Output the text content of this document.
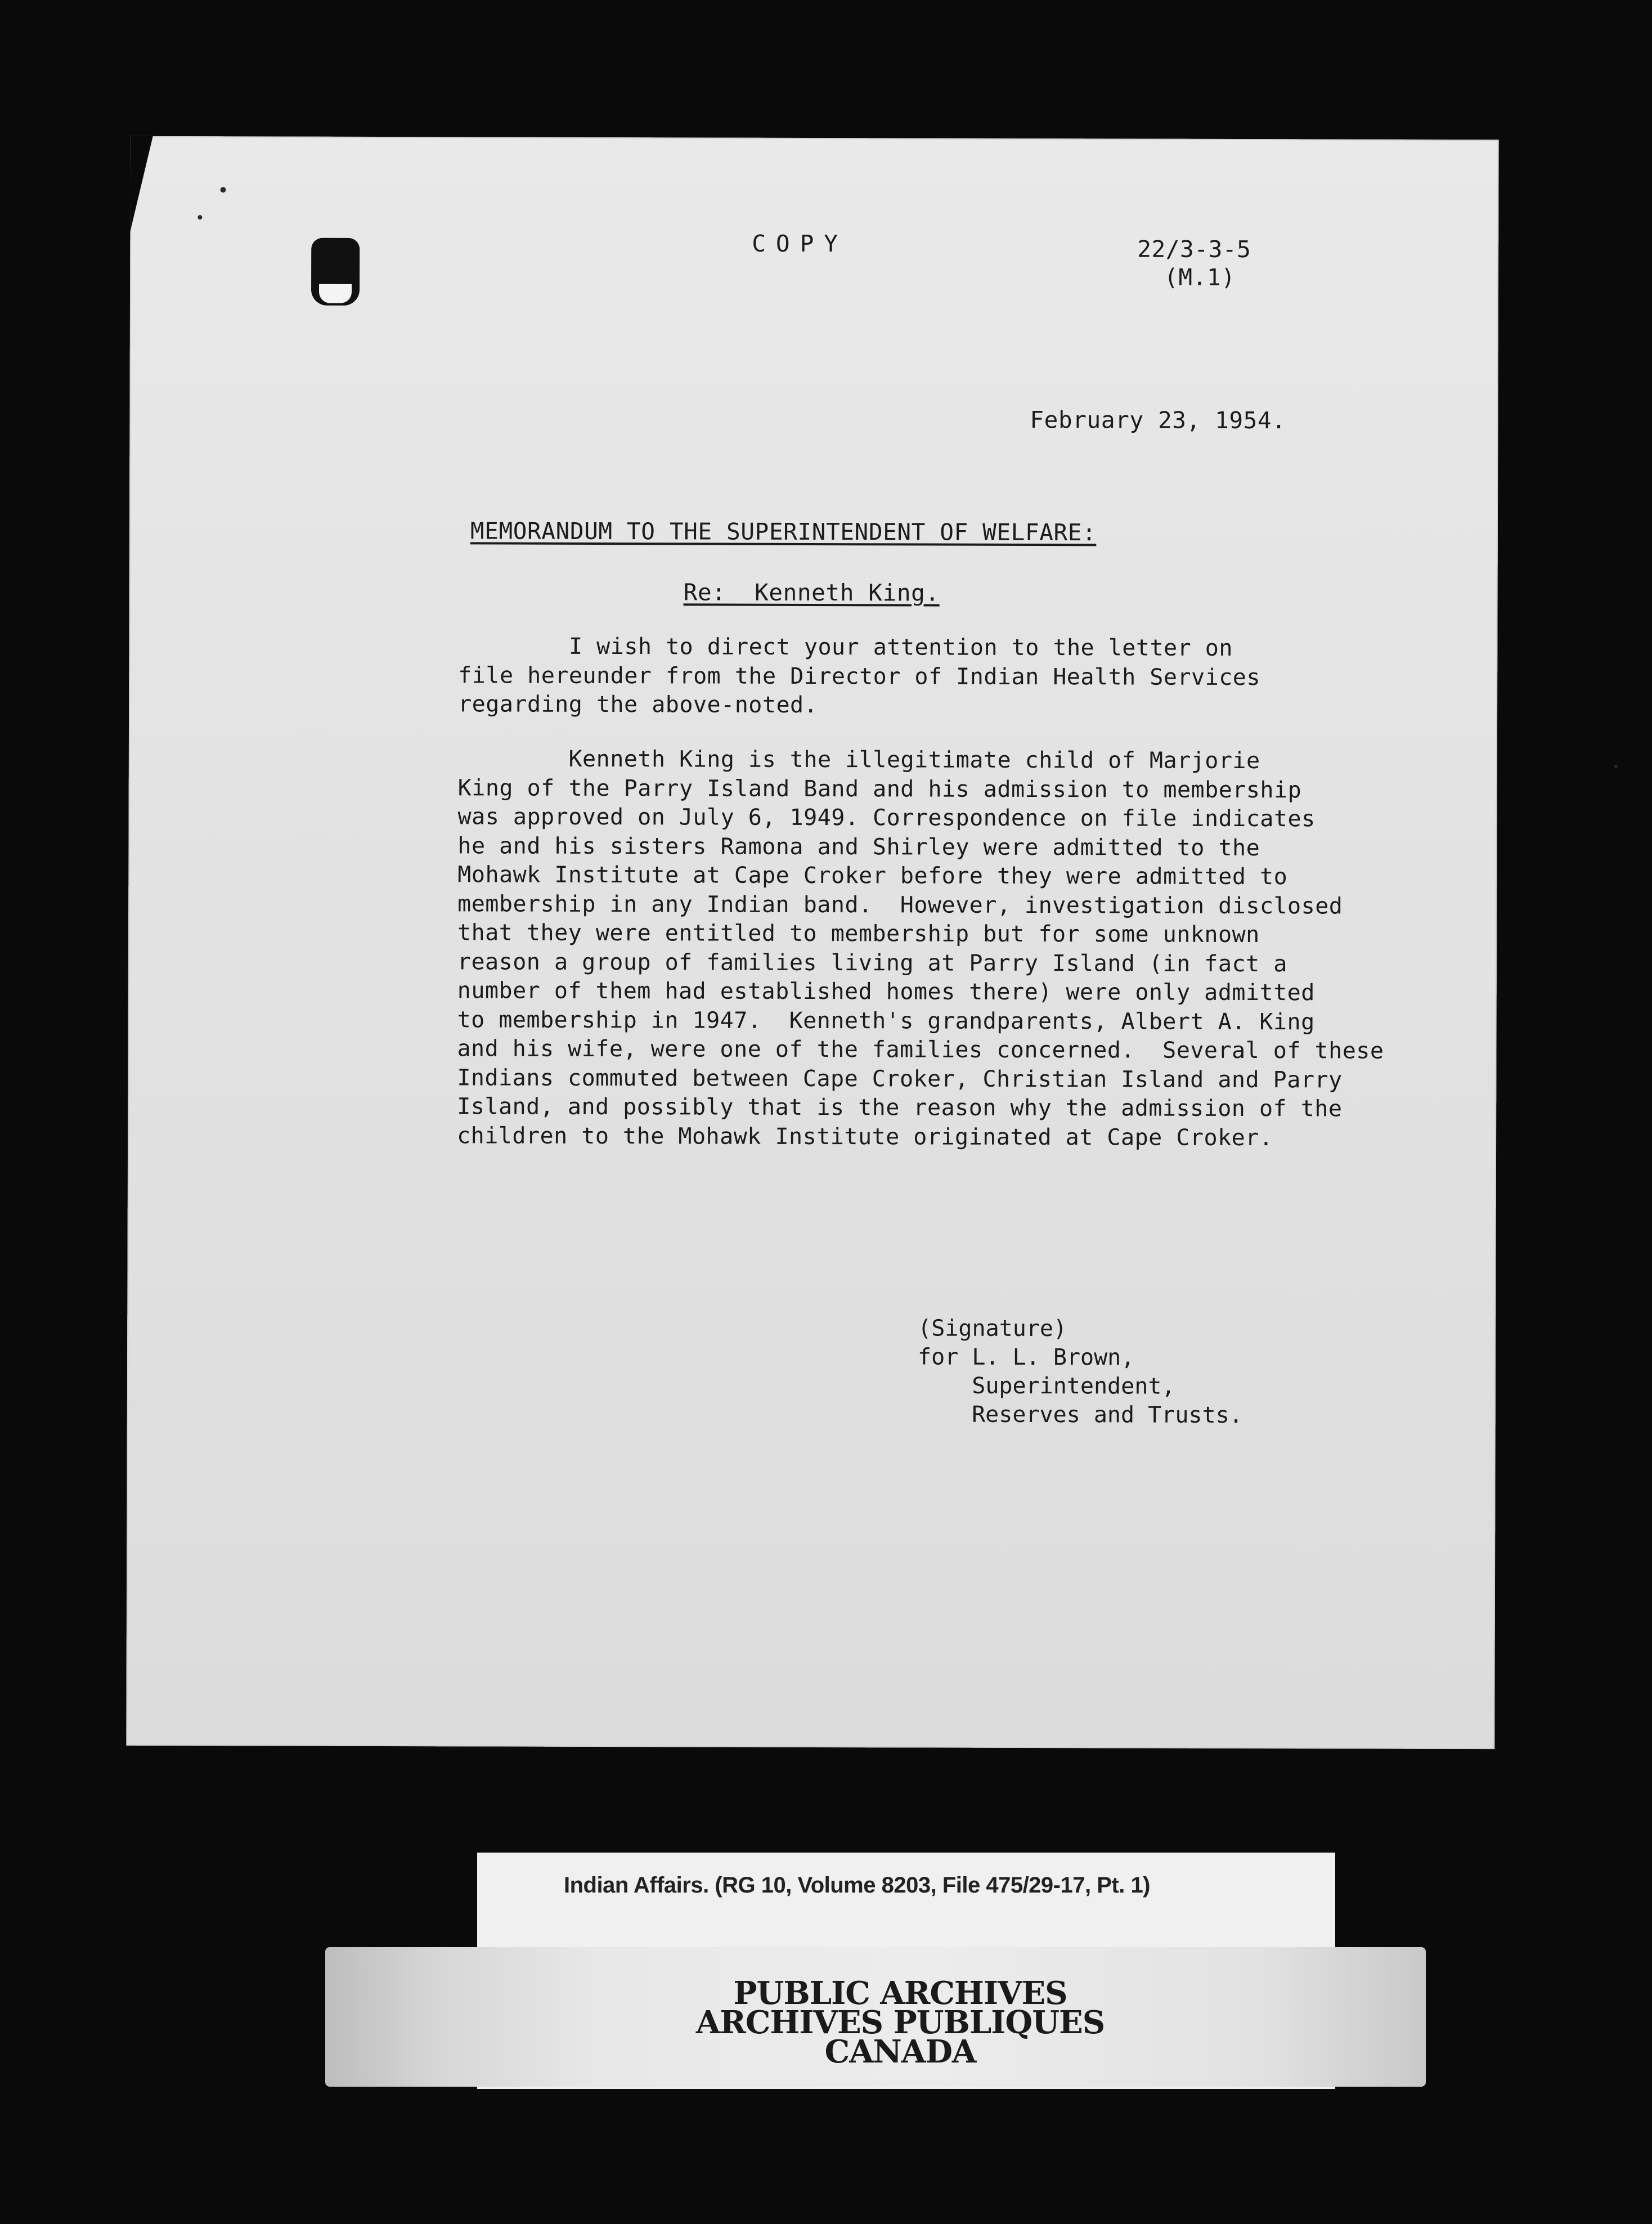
COPY	22/3-3-5
(M.1)
February 23, 1954.
MEMORANDUM TO THE SUPERINTENDENT OF WELFARE:
Re:  Kenneth King.
I wish to direct your attention to the letter on
file hereunder from the Director of Indian Health Services
regarding the above-noted.
Kenneth King is the illegitimate child of Marjorie
King of the Parry Island Band and his admission to membership
was approved on July 6, 1949. Correspondence on file indicates
he and his sisters Ramona and Shirley were admitted to the
Mohawk Institute at Cape Croker before they were admitted to
membership in any Indian band.  However, investigation disclosed
that they were entitled to membership but for some unknown
reason a group of families living at Parry Island (in fact a
number of them had established homes there) were only admitted
to membership in 1947.  Kenneth's grandparents, Albert A. King
and his wife, were one of the families concerned.  Several of these
Indians commuted between Cape Croker, Christian Island and Parry
Island, and possibly that is the reason why the admission of the
children to the Mohawk Institute originated at Cape Croker.
(Signature)
for L. L. Brown,
Superintendent,
Reserves and Trusts.
Indian Affairs. (RG 10, Volume 8203, File 475/29-17, Pt. 1)
PUBLIC ARCHIVES
ARCHIVES PUBLIQUES
CANADA
